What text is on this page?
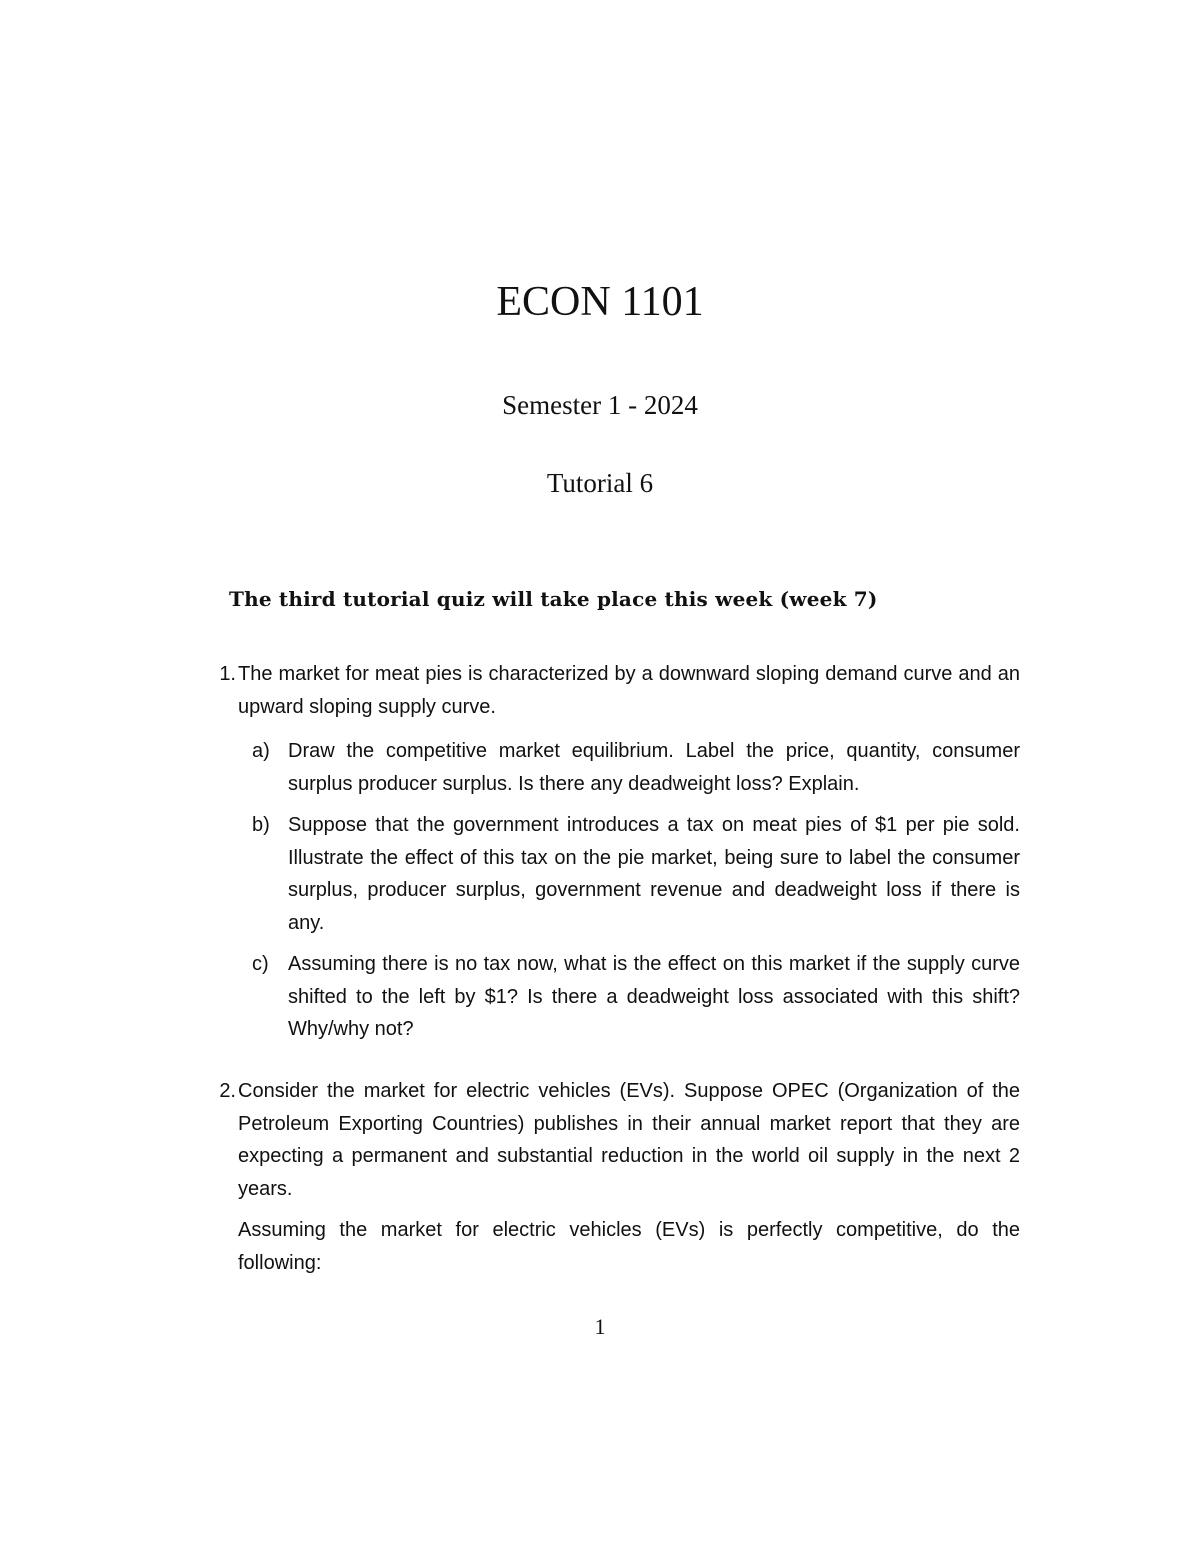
ECON 1101
Semester 1 - 2024
Tutorial 6
The third tutorial quiz will take place this week (week 7)
1. The market for meat pies is characterized by a downward sloping demand curve and an upward sloping supply curve.
a) Draw the competitive market equilibrium. Label the price, quantity, consumer surplus producer surplus. Is there any deadweight loss? Explain.
b) Suppose that the government introduces a tax on meat pies of $1 per pie sold. Illustrate the effect of this tax on the pie market, being sure to label the consumer surplus, producer surplus, government revenue and deadweight loss if there is any.
c) Assuming there is no tax now, what is the effect on this market if the supply curve shifted to the left by $1? Is there a deadweight loss associated with this shift? Why/why not?
2. Consider the market for electric vehicles (EVs). Suppose OPEC (Organization of the Petroleum Exporting Countries) publishes in their annual market report that they are expecting a permanent and substantial reduction in the world oil supply in the next 2 years.
Assuming the market for electric vehicles (EVs) is perfectly competitive, do the following:
1
